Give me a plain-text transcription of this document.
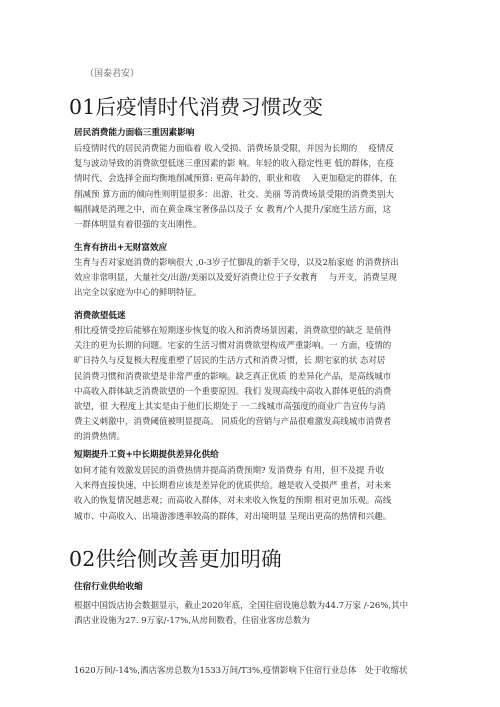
（国泰君安）
01后疫情时代消费习惯改变
居民消费能力面临三重因素影响
后疫情时代的居民消费能力面临着 收入受损、消费场景受限，并因为长期的　 疫情反
复与波动导致的消费欲望低迷三重因素的影 响。年轻的收入稳定性更 低的群体，在疫
情时代，会选择全面均衡地削减预算: 更高年龄的，职业和收　 入更加稳定的群体，在
削减预 算方面的倾向性则明显很多：出游、社交、美丽 等消费场景受限的消费类别大
幅削减是消理之中，而在黄金珠宝奢侈品以及子 女 教育/个人提升/家庭生活方面，这
一群体明显有着很强的支出刚性。
生育有挤出+无财富效应
生育与否对家庭消费的影响很大 ,0-3岁子忙脚乱的新手父母，以及2胎家庭 的消费挤出
效应非常明显，大量社交/出游/美丽以及爱好消费让位于子女教育　 与开支，消费呈现
出完全以家庭为中心的鲜明特征。
消费欲望低迷
相比疫情受控后能够在短期逐步恢复的收入和消费场景因素，消费欲望的缺乏 是值得
关注的更为长期的问题。宅家的生活习惯对消费欲望构成严重影响。一 方面，疫情的
旷日持久与反复极大程度重塑了居民的生活方式和消费习惯，长 期宅家的状 态对居
民消费习惯和消费欲望是非常严重的影响。缺乏真正优质 的差异化产品，是高线城市
中高收入群体缺乏消费欲望的一个重要原因。我们 发现高线中高收入群体更低的消费
欲望，很 大程度上其实是由于他们长期处于 一二线城市高强度的商业广告宣传与消
费主义刺激中，消费阈值被明显提高。 同质化的营销与产品很难激发高线城市消费者
的消费热情。
短期提升工资+中长期提供差异化供给
如何才能有效激发居民的消费热情并提高消费预期? 发消费券 有用，但不及提 升收
入来得直接快速，中长期看应该是差异化的优质供给。越是收入受损严 重者，对未来
收入的恢复情况越悲观；而高收入群体，对未来收入恢复的预期 相对更加乐观。高线
城市、中高收入、出境游渗透率较高的群体，对出境明显 呈现出更高的热情和兴趣。
02供给侧改善更加明确
住宿行业供给收缩
根据中国饭店协会数据显示，截止2020年底，全国住宿设施总数为44.7万家 /-26%,其中
酒店业设施为27. 9万家/-17%,从房间数看，住宿业客房总数为
1620万间/-14%,酒店客房总数为1533万间/T3%,疫情影响下住宿行业总体　处于收缩状
